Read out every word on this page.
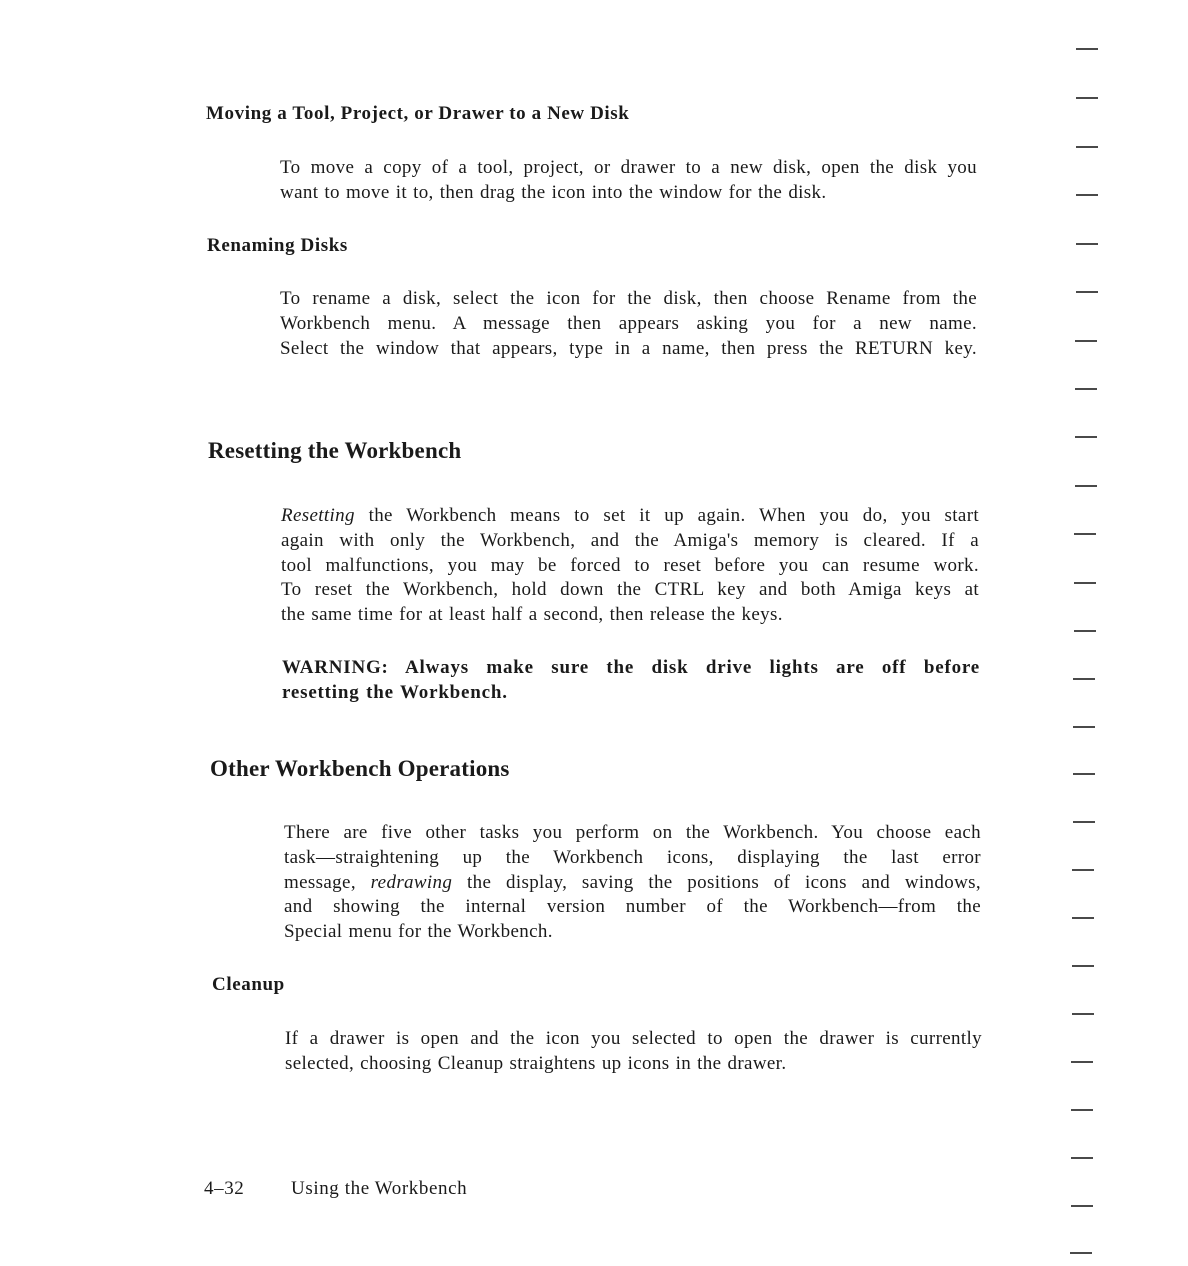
Moving a Tool, Project, or Drawer to a New Disk
To move a copy of a tool, project, or drawer to a new disk, open the disk you
want to move it to, then drag the icon into the window for the disk.
Renaming Disks
To rename a disk, select the icon for the disk, then choose Rename from the
Workbench menu. A message then appears asking you for a new name.
Select the window that appears, type in a name, then press the RETURN key.
Resetting the Workbench
Resetting the Workbench means to set it up again. When you do, you start
again with only the Workbench, and the Amiga's memory is cleared. If a
tool malfunctions, you may be forced to reset before you can resume work.
To reset the Workbench, hold down the CTRL key and both Amiga keys at
the same time for at least half a second, then release the keys.
WARNING: Always make sure the disk drive lights are off before
resetting the Workbench.
Other Workbench Operations
There are five other tasks you perform on the Workbench. You choose each
task—straightening up the Workbench icons, displaying the last error
message, redrawing the display, saving the positions of icons and windows,
and showing the internal version number of the Workbench—from the
Special menu for the Workbench.
Cleanup
If a drawer is open and the icon you selected to open the drawer is currently
selected, choosing Cleanup straightens up icons in the drawer.
4–32 Using the Workbench
